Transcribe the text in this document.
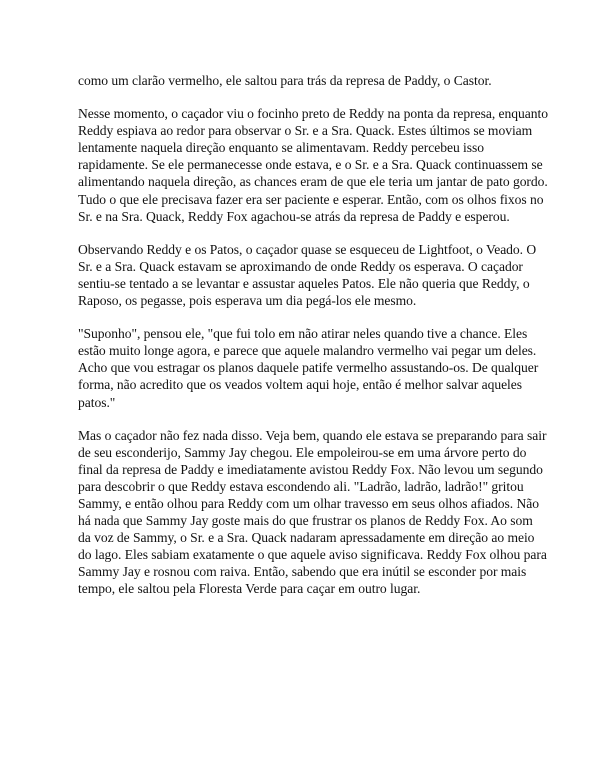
como um clarão vermelho, ele saltou para trás da represa de Paddy, o Castor.

Nesse momento, o caçador viu o focinho preto de Reddy na ponta da represa, enquanto Reddy espiava ao redor para observar o Sr. e a Sra. Quack. Estes últimos se moviam lentamente naquela direção enquanto se alimentavam. Reddy percebeu isso rapidamente. Se ele permanecesse onde estava, e o Sr. e a Sra. Quack continuassem se alimentando naquela direção, as chances eram de que ele teria um jantar de pato gordo. Tudo o que ele precisava fazer era ser paciente e esperar. Então, com os olhos fixos no Sr. e na Sra. Quack, Reddy Fox agachou-se atrás da represa de Paddy e esperou.

Observando Reddy e os Patos, o caçador quase se esqueceu de Lightfoot, o Veado. O Sr. e a Sra. Quack estavam se aproximando de onde Reddy os esperava. O caçador sentiu-se tentado a se levantar e assustar aqueles Patos. Ele não queria que Reddy, o Raposo, os pegasse, pois esperava um dia pegá-los ele mesmo.

"Suponho", pensou ele, "que fui tolo em não atirar neles quando tive a chance. Eles estão muito longe agora, e parece que aquele malandro vermelho vai pegar um deles. Acho que vou estragar os planos daquele patife vermelho assustando-os. De qualquer forma, não acredito que os veados voltem aqui hoje, então é melhor salvar aqueles patos."

Mas o caçador não fez nada disso. Veja bem, quando ele estava se preparando para sair de seu esconderijo, Sammy Jay chegou. Ele empoleirou-se em uma árvore perto do final da represa de Paddy e imediatamente avistou Reddy Fox. Não levou um segundo para descobrir o que Reddy estava escondendo ali. "Ladrão, ladrão, ladrão!" gritou Sammy, e então olhou para Reddy com um olhar travesso em seus olhos afiados. Não há nada que Sammy Jay goste mais do que frustrar os planos de Reddy Fox. Ao som da voz de Sammy, o Sr. e a Sra. Quack nadaram apressadamente em direção ao meio do lago. Eles sabiam exatamente o que aquele aviso significava. Reddy Fox olhou para Sammy Jay e rosnou com raiva. Então, sabendo que era inútil se esconder por mais tempo, ele saltou pela Floresta Verde para caçar em outro lugar.
